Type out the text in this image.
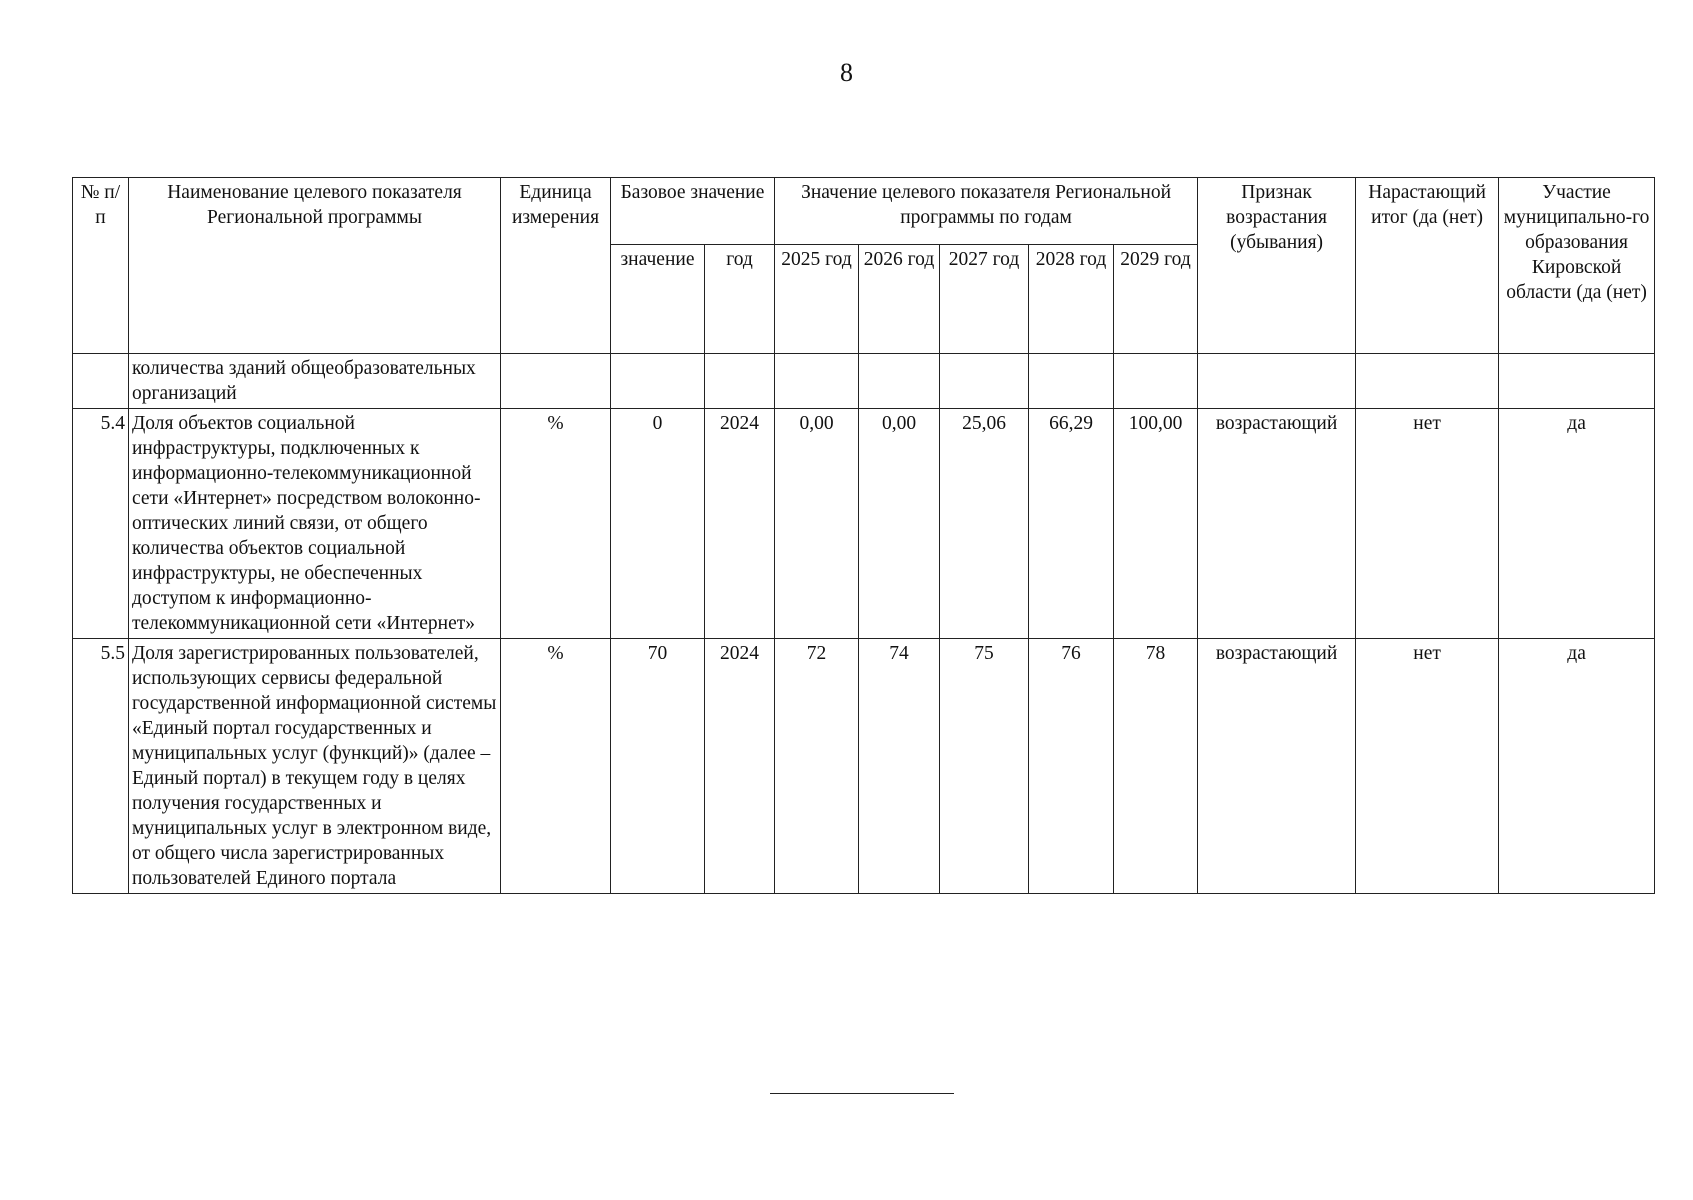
8
№ п/п	Наименование целевого показателя Региональной программы	Единица измерения	Базовое значение		Значение целевого показателя Региональной программы по годам					Признак возрастания (убывания)	Нарастающий итог (да (нет)	Участие муниципально-го образования Кировской области (да (нет)
			значение	год	2025 год	2026 год	2027 год	2028 год	2029 год			
	количества зданий общеобразовательных организаций											
5.4	Доля объектов социальной инфраструктуры, подключенных к информационно-телекоммуникационной сети «Интернет» посредством волоконно-оптических линий связи, от общего количества объектов социальной инфраструктуры, не обеспеченных доступом к информационно-телекоммуникационной сети «Интернет»	%	0	2024	0,00	0,00	25,06	66,29	100,00	возрастающий	нет	да
5.5	Доля зарегистрированных пользователей, использующих сервисы федеральной государственной информационной системы «Единый портал государственных и муниципальных услуг (функций)» (далее – Единый портал) в текущем году в целях получения государственных и муниципальных услуг в электронном виде, от общего числа зарегистрированных пользователей Единого портала	%	70	2024	72	74	75	76	78	возрастающий	нет	да
